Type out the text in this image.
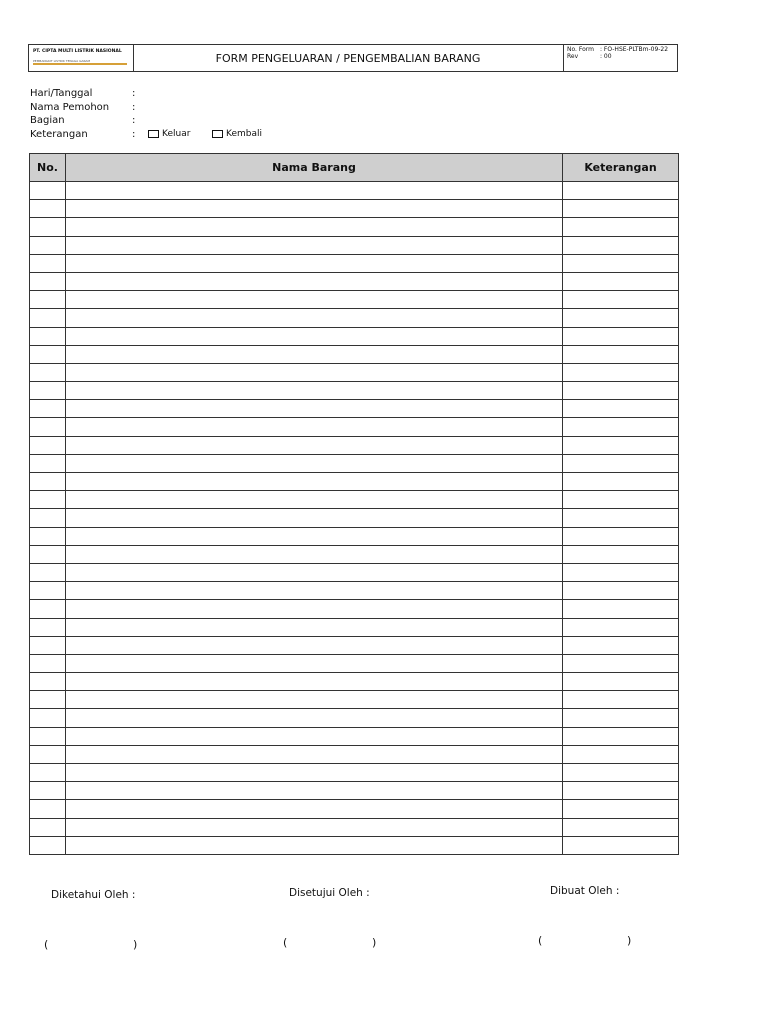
PT. CIPTA MULTI LISTRIK NASIONAL
PEMBANGKIT LISTRIK TENAGA GARAM	FORM PENGELUARAN / PENGEMBALIAN BARANG
No. Form : FO-HSE-PLTBm-09-22
Rev	: 00
Hari/Tanggal	:
Nama Pemohon :
Bagian	:
Keterangan	:	Keluar	Kembali
No.	Nama Barang	Keterangan

Diketahui Oleh :	Disetujui Oleh :	Dibuat Oleh :
(	)	(	)	(	)
